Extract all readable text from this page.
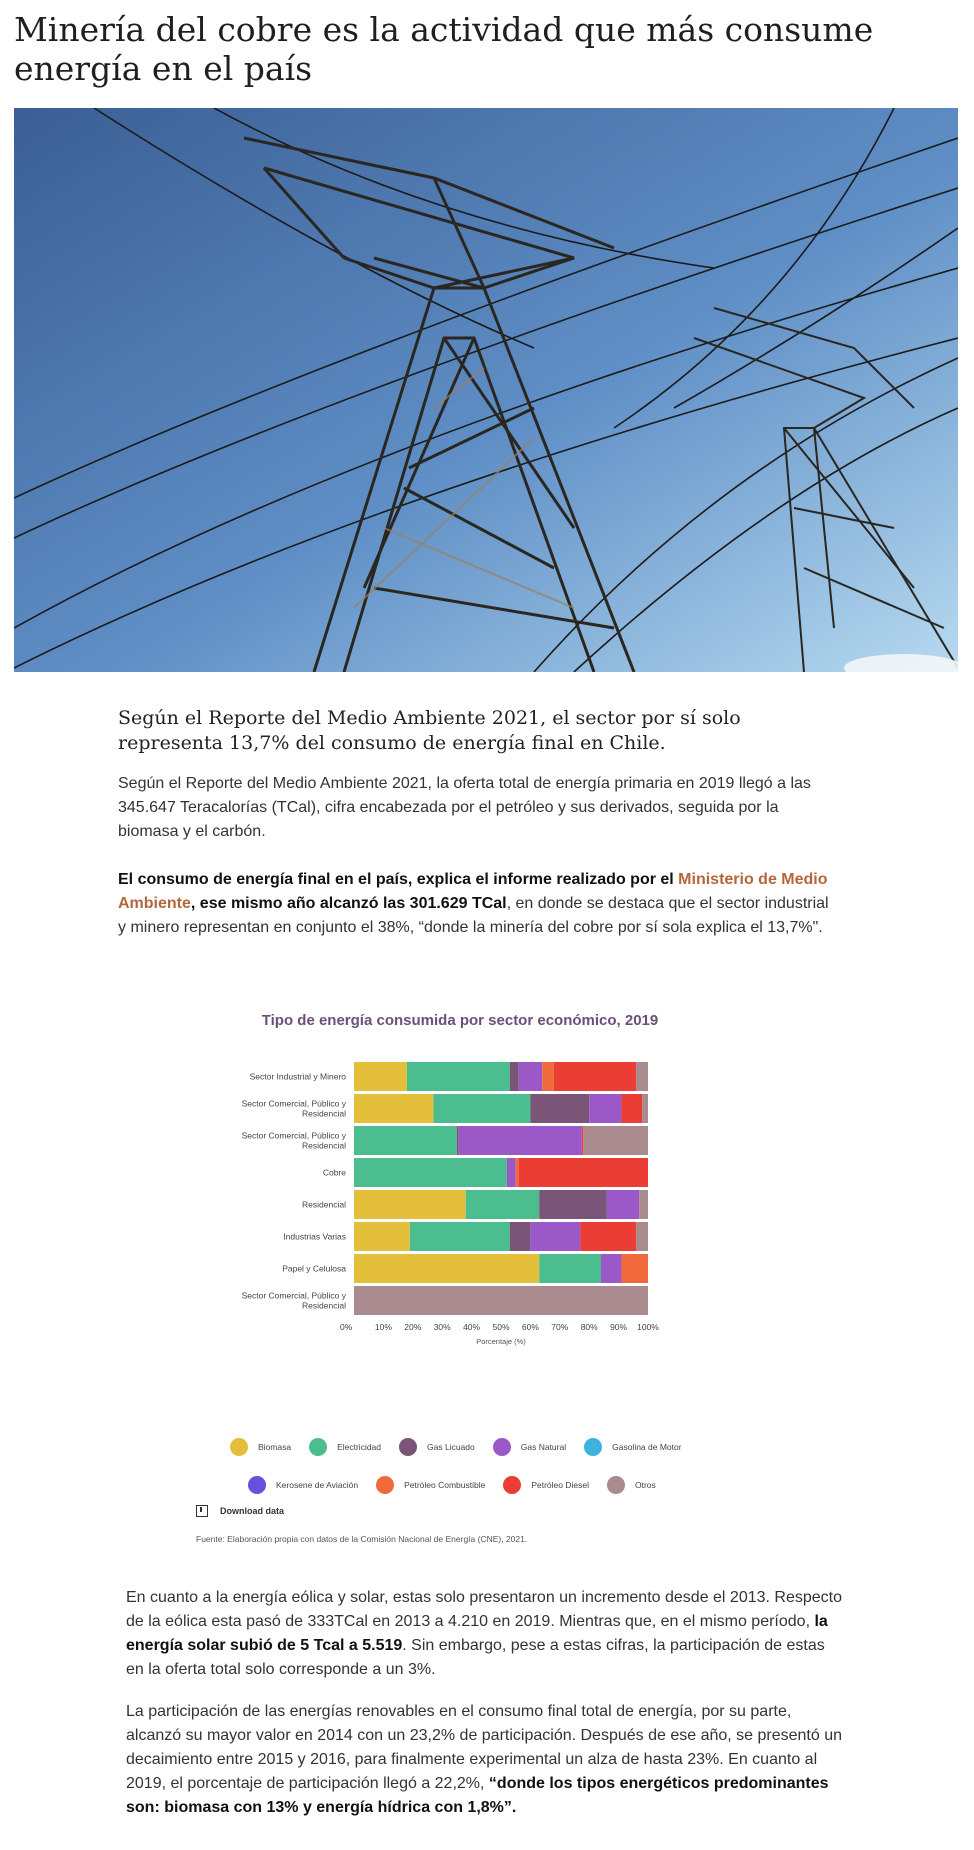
Minería del cobre es la actividad que más consume energía en el país
Según el Reporte del Medio Ambiente 2021, el sector por sí solo representa 13,7% del consumo de energía final en Chile.

Según el Reporte del Medio Ambiente 2021, la oferta total de energía primaria en 2019 llegó a las 345.647 Teracalorías (TCal), cifra encabezada por el petróleo y sus derivados, seguida por la biomasa y el carbón.

El consumo de energía final en el país, explica el informe realizado por el Ministerio de Medio Ambiente, ese mismo año alcanzó las 301.629 TCal, en donde se destaca que el sector industrial y minero representan en conjunto el 38%, “donde la minería del cobre por sí sola explica el 13,7%".

Tipo de energía consumida por sector económico, 2019
Sector Industrial y Minero
Sector Comercial, Público y Residencial
Sector Comercial, Público y Residencial
Cobre
Residencial
Industrias Varias
Papel y Celulosa
Sector Comercial, Público y Residencial
0%	10% 20% 30% 40% 50% 60% 70% 80% 90% 100%
Porcentaje (%)
Biomasa	Electricidad	Gas Licuado	Gas Natural	Gasolina de Motor
Kerosene de Aviación	Petróleo Combustible	Petróleo Diesel	Otros
Download data
Fuente: Elaboración propia con datos de la Comisión Nacional de Energía (CNE), 2021.

En cuanto a la energía eólica y solar, estas solo presentaron un incremento desde el 2013. Respecto de la eólica esta pasó de 333TCal en 2013 a 4.210 en 2019. Mientras que, en el mismo período, la energía solar subió de 5 Tcal a 5.519. Sin embargo, pese a estas cifras, la participación de estas en la oferta total solo corresponde a un 3%.

La participación de las energías renovables en el consumo final total de energía, por su parte, alcanzó su mayor valor en 2014 con un 23,2% de participación. Después de ese año, se presentó un decaimiento entre 2015 y 2016, para finalmente experimental un alza de hasta 23%. En cuanto al 2019, el porcentaje de participación llegó a 22,2%, “donde los tipos energéticos predominantes son: biomasa con 13% y energía hídrica con 1,8%”.
